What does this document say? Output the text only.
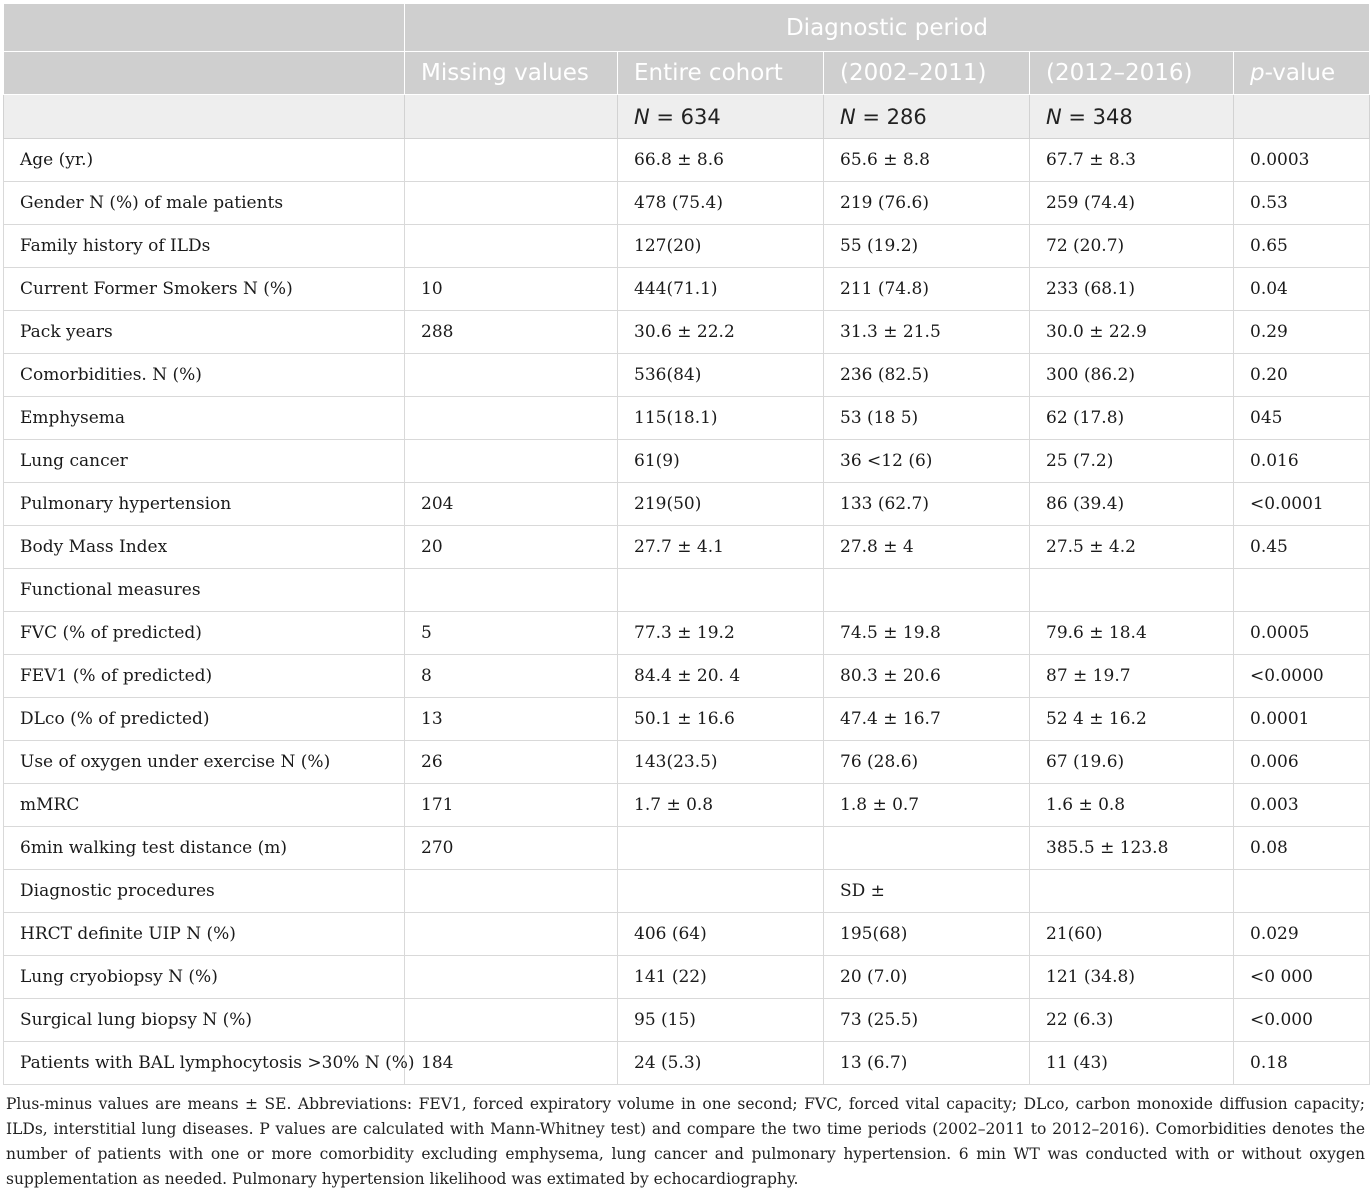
	Diagnostic period				
	Missing values	Entire cohort	(2002–2011)	(2012–2016)	p-value
		N = 634	N = 286	N = 348	
Age (yr.)		66.8 ± 8.6	65.6 ± 8.8	67.7 ± 8.3	0.0003
Gender N (%) of male patients		478 (75.4)	219 (76.6)	259 (74.4)	0.53
Family history of ILDs		127(20)	55 (19.2)	72 (20.7)	0.65
Current Former Smokers N (%)	10	444(71.1)	211 (74.8)	233 (68.1)	0.04
Pack years	288	30.6 ± 22.2	31.3 ± 21.5	30.0 ± 22.9	0.29
Comorbidities. N (%)		536(84)	236 (82.5)	300 (86.2)	0.20
Emphysema		115(18.1)	53 (18 5)	62 (17.8)	045
Lung cancer		61(9)	36 <12 (6)	25 (7.2)	0.016
Pulmonary hypertension	204	219(50)	133 (62.7)	86 (39.4)	<0.0001
Body Mass Index	20	27.7 ± 4.1	27.8 ± 4	27.5 ± 4.2	0.45
Functional measures					
FVC (% of predicted)	5	77.3 ± 19.2	74.5 ± 19.8	79.6 ± 18.4	0.0005
FEV1 (% of predicted)	8	84.4 ± 20. 4	80.3 ± 20.6	87 ± 19.7	<0.0000
DLco (% of predicted)	13	50.1 ± 16.6	47.4 ± 16.7	52 4 ± 16.2	0.0001
Use of oxygen under exercise N (%)	26	143(23.5)	76 (28.6)	67 (19.6)	0.006
mMRC	171	1.7 ± 0.8	1.8 ± 0.7	1.6 ± 0.8	0.003
6min walking test distance (m)	270			385.5 ± 123.8	0.08
Diagnostic procedures			SD ±		
HRCT definite UIP N (%)		406 (64)	195(68)	21(60)	0.029
Lung cryobiopsy N (%)		141 (22)	20 (7.0)	121 (34.8)	<0 000
Surgical lung biopsy N (%)		95 (15)	73 (25.5)	22 (6.3)	<0.000
Patients with BAL lymphocytosis >30% N (%)	184	24 (5.3)	13 (6.7)	11 (43)	0.18
Plus-minus values are means ± SE. Abbreviations: FEV1, forced expiratory volume in one second; FVC, forced vital capacity; DLco, carbon monoxide diffusion capacity; ILDs, interstitial lung diseases. P values are calculated with Mann-Whitney test) and compare the two time periods (2002–2011 to 2012–2016). Comorbidities denotes the number of patients with one or more comorbidity excluding emphysema, lung cancer and pulmonary hypertension. 6 min WT was conducted with or without oxygen supplementation as needed. Pulmonary hypertension likelihood was extimated by echocardiography.
